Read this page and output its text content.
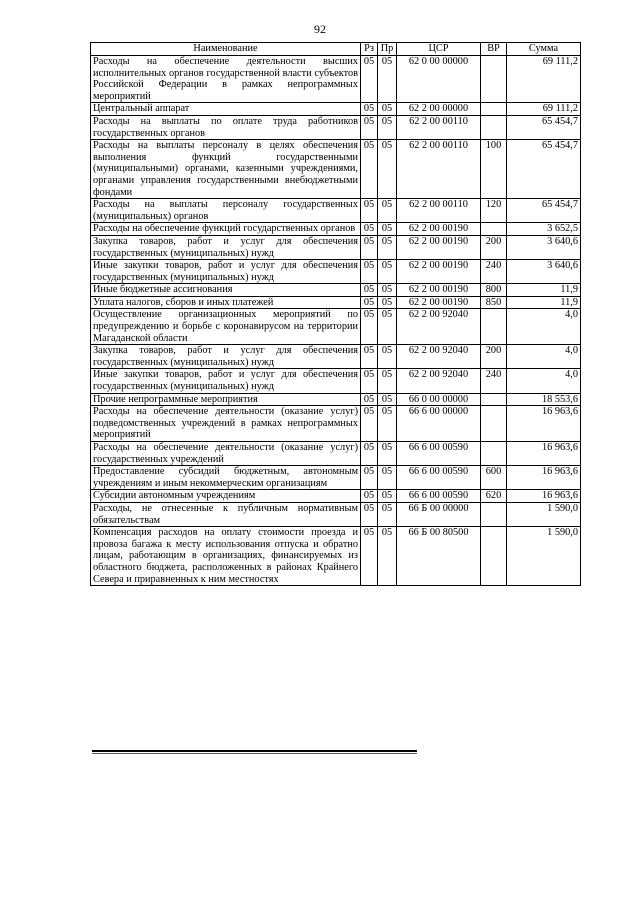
92
Наименование	Рз	Пр	ЦСР	ВР	Сумма
Расходы на обеспечение деятельности высших исполнительных органов государственной власти субъектов Российской Федерации в рамках непрограммных мероприятий	05	05	62 0 00 00000		69 111,2
Центральный аппарат	05	05	62 2 00 00000		69 111,2
Расходы на выплаты по оплате труда работников государственных органов	05	05	62 2 00 00110		65 454,7
Расходы на выплаты персоналу в целях обеспечения выполнения функций государственными (муниципальными) органами, казенными учреждениями, органами управления государственными внебюджетными фондами	05	05	62 2 00 00110	100	65 454,7
Расходы на выплаты персоналу государственных (муниципальных) органов	05	05	62 2 00 00110	120	65 454,7
Расходы на обеспечение функций государственных органов	05	05	62 2 00 00190		3 652,5
Закупка товаров, работ и услуг для обеспечения государственных (муниципальных) нужд	05	05	62 2 00 00190	200	3 640,6
Иные закупки товаров, работ и услуг для обеспечения государственных (муниципальных) нужд	05	05	62 2 00 00190	240	3 640,6
Иные бюджетные ассигнования	05	05	62 2 00 00190	800	11,9
Уплата налогов, сборов и иных платежей	05	05	62 2 00 00190	850	11,9
Осуществление организационных мероприятий по предупреждению и борьбе с коронавирусом на территории Магаданской области	05	05	62 2 00 92040		4,0
Закупка товаров, работ и услуг для обеспечения государственных (муниципальных) нужд	05	05	62 2 00 92040	200	4,0
Иные закупки товаров, работ и услуг для обеспечения государственных (муниципальных) нужд	05	05	62 2 00 92040	240	4,0
Прочие непрограммные мероприятия	05	05	66 0 00 00000		18 553,6
Расходы на обеспечение деятельности (оказание услуг) подведомственных учреждений в рамках непрограммных мероприятий	05	05	66 6 00 00000		16 963,6
Расходы на обеспечение деятельности (оказание услуг) государственных учреждений	05	05	66 6 00 00590		16 963,6
Предоставление субсидий бюджетным, автономным учреждениям и иным некоммерческим организациям	05	05	66 6 00 00590	600	16 963,6
Субсидии автономным учреждениям	05	05	66 6 00 00590	620	16 963,6
Расходы, не отнесенные к публичным нормативным обязательствам	05	05	66 Б 00 00000		1 590,0
Компенсация расходов на оплату стоимости проезда и провоза багажа к месту использования отпуска и обратно лицам, работающим в организациях, финансируемых из областного бюджета, расположенных в районах Крайнего Севера и приравненных к ним местностях	05	05	66 Б 00 80500		1 590,0
